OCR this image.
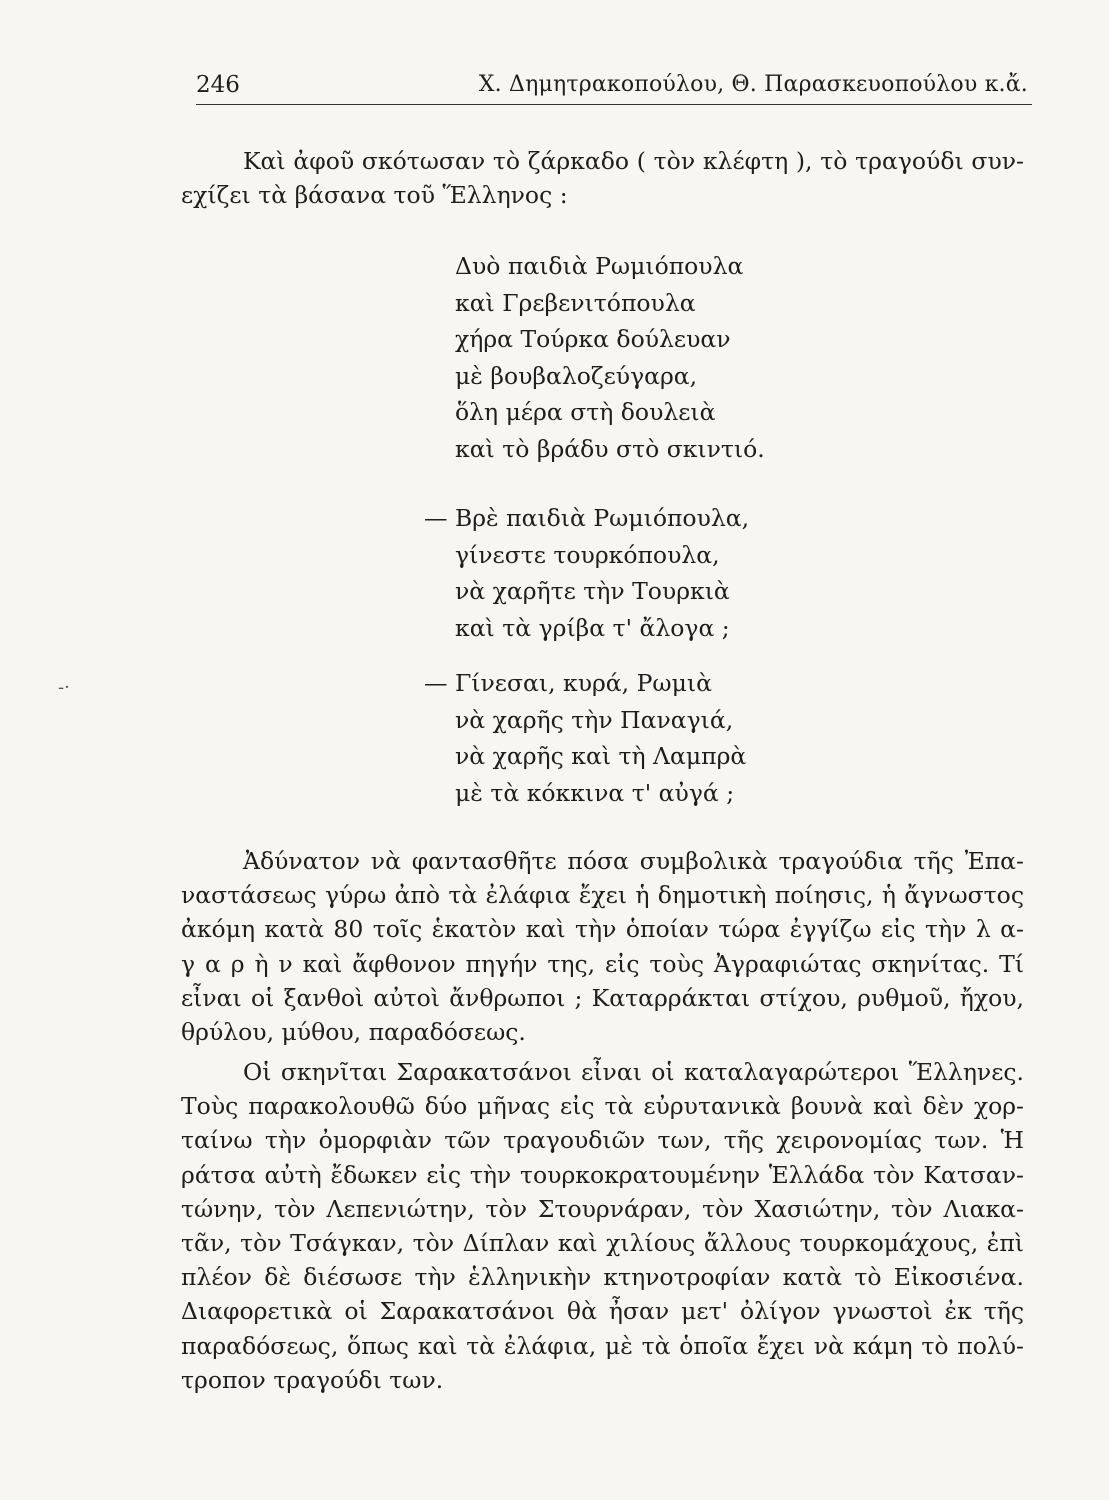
246	Χ. Δημητρακοπούλου, Θ. Παρασκευοπούλου κ.ἄ.
Καὶ ἀφοῦ σκότωσαν τὸ ζάρκαδο ( τὸν κλέφτη ), τὸ τραγούδι συν-
εχίζει τὰ βάσανα τοῦ Ἕλληνος :
Δυὸ παιδιὰ Ρωμιόπουλα
καὶ Γρεβενιτόπουλα
χήρα Τούρκα δούλευαν
μὲ βουβαλοζεύγαρα,
ὅλη μέρα στὴ δουλειὰ
καὶ τὸ βράδυ στὸ σκιντιό.
— Βρὲ παιδιὰ Ρωμιόπουλα,
γίνεστε τουρκόπουλα,
νὰ χαρῆτε τὴν Τουρκιὰ
καὶ τὰ γρίβα τ' ἄλογα ;
— Γίνεσαι, κυρά, Ρωμιὰ
νὰ χαρῆς τὴν Παναγιά,
νὰ χαρῆς καὶ τὴ Λαμπρὰ
μὲ τὰ κόκκινα τ' αὐγά ;
Ἀδύνατον νὰ φαντασθῆτε πόσα συμβολικὰ τραγούδια τῆς Ἐπα-
ναστάσεως γύρω ἀπὸ τὰ ἐλάφια ἔχει ἡ δημοτικὴ ποίησις, ἡ ἄγνωστος
ἀκόμη κατὰ 80 τοῖς ἑκατὸν καὶ τὴν ὁποίαν τώρα ἐγγίζω εἰς τὴν λ α-
γ α ρ ὴ ν καὶ ἄφθονον πηγήν της, εἰς τοὺς Ἀγραφιώτας σκηνίτας. Τί
εἶναι οἱ ξανθοὶ αὐτοὶ ἄνθρωποι ; Καταρράκται στίχου, ρυθμοῦ, ἤχου,
θρύλου, μύθου, παραδόσεως.
Οἱ σκηνῖται Σαρακατσάνοι εἶναι οἱ καταλαγαρώτεροι Ἕλληνες.
Τοὺς παρακολουθῶ δύο μῆνας εἰς τὰ εὐρυτανικὰ βουνὰ καὶ δὲν χορ-
ταίνω τὴν ὀμορφιὰν τῶν τραγουδιῶν των, τῆς χειρονομίας των. Ἡ
ράτσα αὐτὴ ἔδωκεν εἰς τὴν τουρκοκρατουμένην Ἑλλάδα τὸν Κατσαν-
τώνην, τὸν Λεπενιώτην, τὸν Στουρνάραν, τὸν Χασιώτην, τὸν Λιακα-
τᾶν, τὸν Τσάγκαν, τὸν Δίπλαν καὶ χιλίους ἄλλους τουρκομάχους, ἐπὶ
πλέον δὲ διέσωσε τὴν ἑλληνικὴν κτηνοτροφίαν κατὰ τὸ Εἰκοσιένα.
Διαφορετικὰ οἱ Σαρακατσάνοι θὰ ἦσαν μετ' ὀλίγον γνωστοὶ ἐκ τῆς
παραδόσεως, ὅπως καὶ τὰ ἐλάφια, μὲ τὰ ὁποῖα ἔχει νὰ κάμη τὸ πολύ-
τροπον τραγούδι των.
-·
